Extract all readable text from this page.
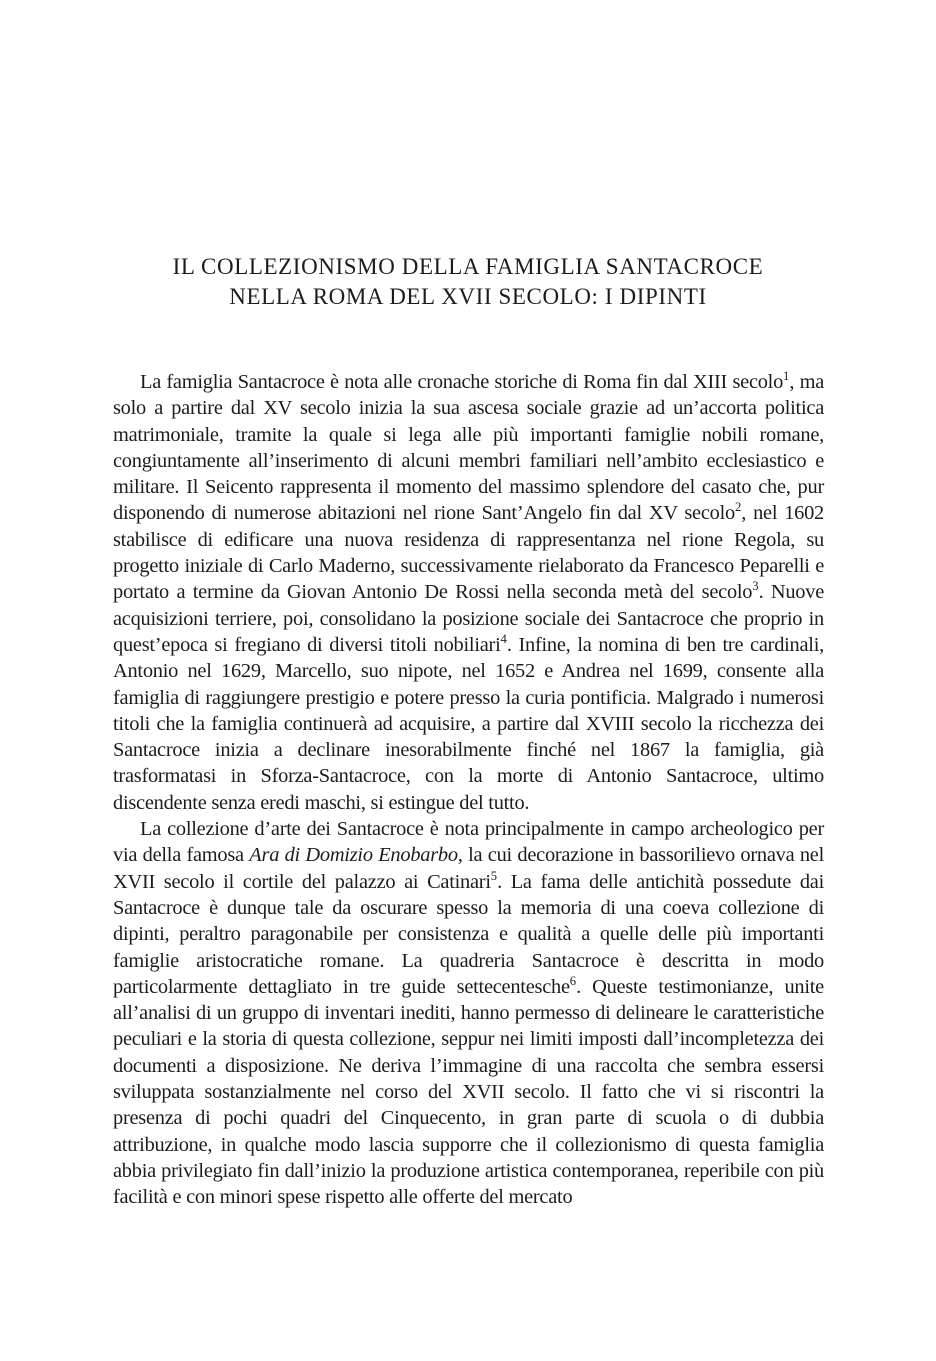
IL COLLEZIONISMO DELLA FAMIGLIA SANTACROCE
NELLA ROMA DEL XVII SECOLO: I DIPINTI

La famiglia Santacroce è nota alle cronache storiche di Roma fin dal XIII secolo$^1$, ma solo a partire dal XV secolo inizia la sua ascesa sociale grazie ad un’accorta politica matrimoniale, tramite la quale si lega alle più importanti famiglie nobili romane, congiuntamente all’inserimento di alcuni membri familiari nell’ambito ecclesiastico e militare. Il Seicento rappresenta il momento del massimo splendore del casato che, pur disponendo di numerose abitazioni nel rione Sant’Angelo fin dal XV secolo$^2$, nel 1602 stabilisce di edificare una nuova residenza di rappresentanza nel rione Regola, su progetto iniziale di Carlo Maderno, successivamente rielaborato da Francesco Peparelli e portato a termine da Giovan Antonio De Rossi nella seconda metà del secolo$^3$. Nuove acquisizioni terriere, poi, consolidano la posizione sociale dei Santacroce che proprio in quest’epoca si fregiano di diversi titoli nobiliari$^4$. Infine, la nomina di ben tre cardinali, Antonio nel 1629, Marcello, suo nipote, nel 1652 e Andrea nel 1699, consente alla famiglia di raggiungere prestigio e potere presso la curia pontificia. Malgrado i numerosi titoli che la famiglia continuerà ad acquisire, a partire dal XVIII secolo la ricchezza dei Santacroce inizia a declinare inesorabilmente finché nel 1867 la famiglia, già trasformatasi in Sforza-Santacroce, con la morte di Antonio Santacroce, ultimo discendente senza eredi maschi, si estingue del tutto.

La collezione d’arte dei Santacroce è nota principalmente in campo archeologico per via della famosa Ara di Domizio Enobarbo, la cui decorazione in bassorilievo ornava nel XVII secolo il cortile del palazzo ai Catinari$^5$. La fama delle antichità possedute dai Santacroce è dunque tale da oscurare spesso la memoria di una coeva collezione di dipinti, peraltro paragonabile per consistenza e qualità a quelle delle più importanti famiglie aristocratiche romane. La quadreria Santacroce è descritta in modo particolarmente dettagliato in tre guide settecentesche$^6$. Queste testimonianze, unite all’analisi di un gruppo di inventari inediti, hanno permesso di delineare le caratteristiche peculiari e la storia di questa collezione, seppur nei limiti imposti dall’incompletezza dei documenti a disposizione. Ne deriva l’immagine di una raccolta che sembra essersi sviluppata sostanzialmente nel corso del XVII secolo. Il fatto che vi si riscontri la presenza di pochi quadri del Cinquecento, in gran parte di scuola o di dubbia attribuzione, in qualche modo lascia supporre che il collezionismo di questa famiglia abbia privilegiato fin dall’inizio la produzione artistica contemporanea, reperibile con più facilità e con minori spese rispetto alle offerte del mercato
